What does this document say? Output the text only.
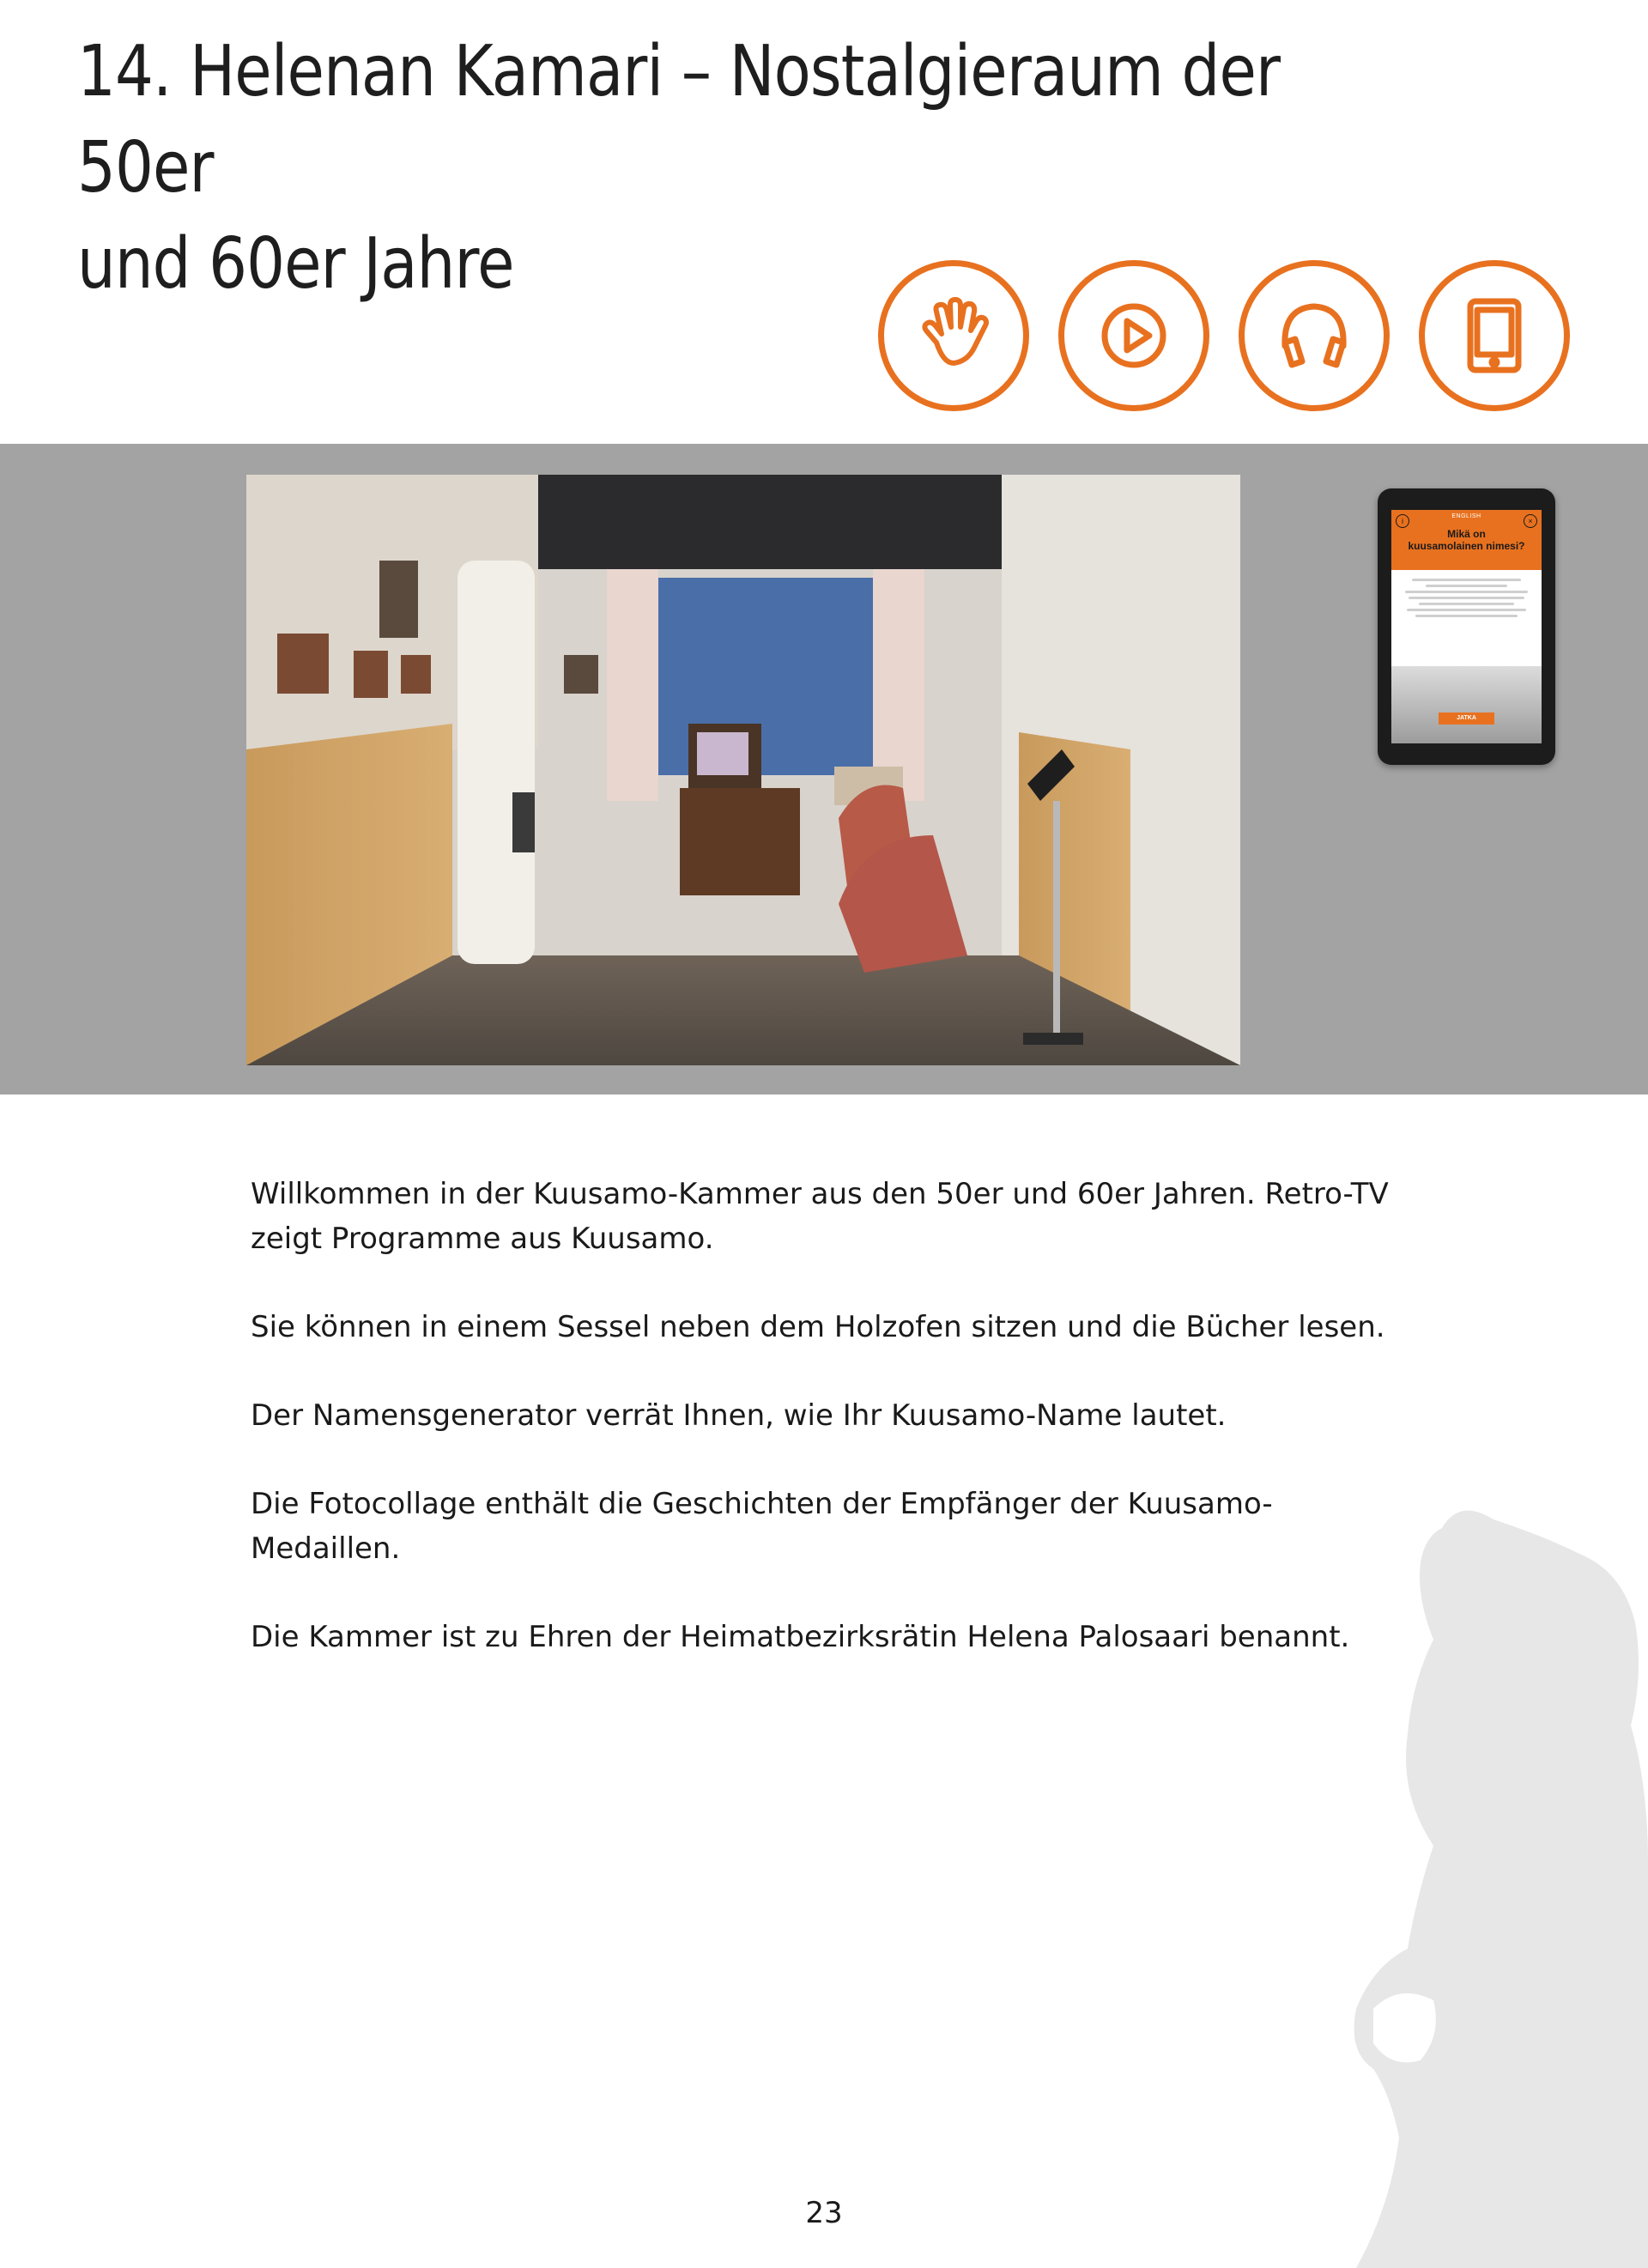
14. Helenan Kamari – Nostalgieraum der 50er
und 60er Jahre
i	×
ENGLISH
Mikä on
kuusamolainen nimesi?
JATKA

Willkommen in der Kuusamo-Kammer aus den 50er und 60er Jahren. Retro-TV zeigt Programme aus Kuusamo.

Sie können in einem Sessel neben dem Holzofen sitzen und die Bücher lesen.

Der Namensgenerator verrät Ihnen, wie Ihr Kuusamo-Name lautet.

Die Fotocollage enthält die Geschichten der Empfänger der Kuusamo-Medaillen.

Die Kammer ist zu Ehren der Heimatbezirksrätin Helena Palosaari benannt.

23
